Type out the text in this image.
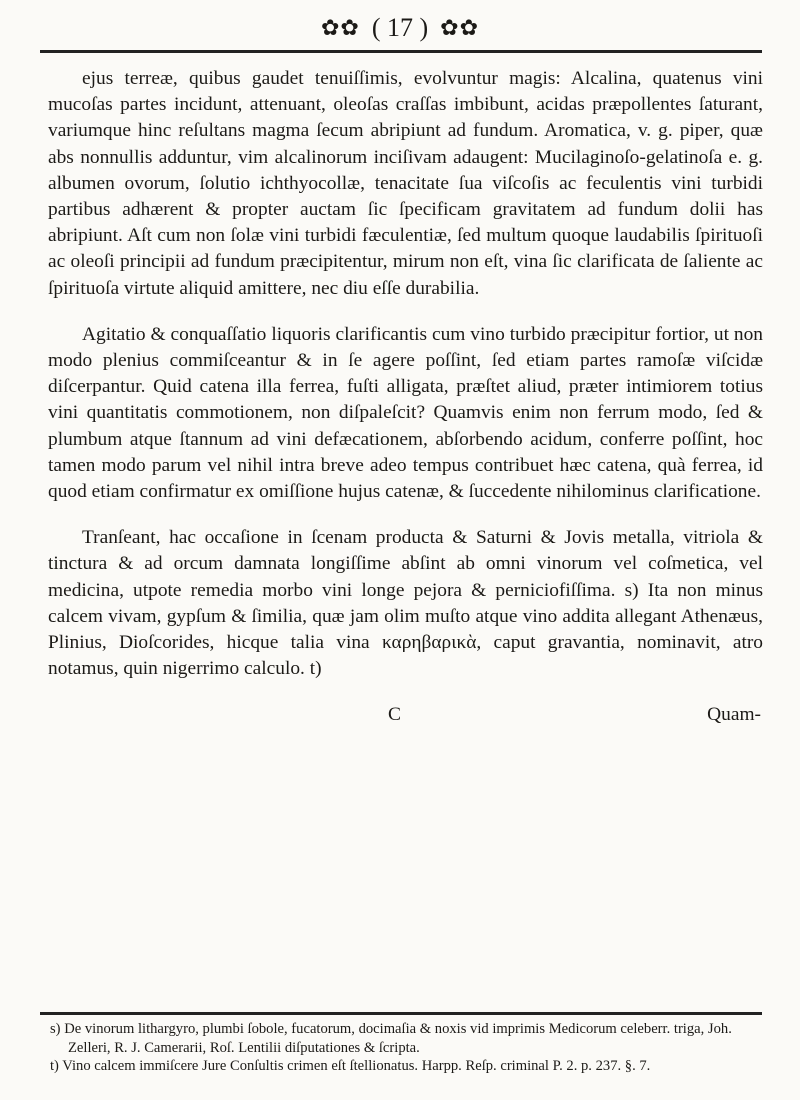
✿✿ ( 17 ) ✿✿

ejus terreæ, quibus gaudet tenuiſſimis, evolvuntur magis: Alcalina, quatenus vini mucoſas partes incidunt, attenuant, oleoſas craſſas imbibunt, acidas præpollentes ſaturant, variumque hinc reſultans magma ſecum abripiunt ad fundum. Aromatica, v. g. piper, quæ abs nonnullis adduntur, vim alcalinorum inciſivam adaugent: Mucilaginoſo-gelatinoſa e. g. albumen ovorum, ſolutio ichthyocollæ, tenacitate ſua viſcoſis ac feculentis vini turbidi partibus adhærent & propter auctam ſic ſpecificam gravitatem ad fundum dolii has abripiunt. Aſt cum non ſolæ vini turbidi fæculentiæ, ſed multum quoque laudabilis ſpirituoſi ac oleoſi principii ad fundum præcipitentur, mirum non eſt, vina ſic clarificata de ſaliente ac ſpirituoſa virtute aliquid amittere, nec diu eſſe durabilia.

Agitatio & conquaſſatio liquoris clarificantis cum vino turbido præcipitur fortior, ut non modo plenius commiſceantur & in ſe agere poſſint, ſed etiam partes ramoſæ viſcidæ diſcerpantur. Quid catena illa ferrea, fuſti alligata, præſtet aliud, præter intimiorem totius vini quantitatis commotionem, non diſpaleſcit? Quamvis enim non ferrum modo, ſed & plumbum atque ſtannum ad vini defæcationem, abſorbendo acidum, conferre poſſint, hoc tamen modo parum vel nihil intra breve adeo tempus contribuet hæc catena, quà ferrea, id quod etiam confirmatur ex omiſſione hujus catenæ, & ſuccedente nihilominus clarificatione.

Tranſeant, hac occaſione in ſcenam producta & Saturni & Jovis metalla, vitriola & tinctura & ad orcum damnata longiſſime abſint ab omni vinorum vel coſmetica, vel medicina, utpote remedia morbo vini longe pejora & perniciofiſſima. s) Ita non minus calcem vivam, gypſum & ſimilia, quæ jam olim muſto atque vino addita allegant Athenæus, Plinius, Dioſcorides, hicque talia vina καρηβαρικὰ, caput gravantia, nominavit, atro notamus, quin nigerrimo calculo. t)

C	Quam-

s) De vinorum lithargyro, plumbi ſobole, fucatorum, docimaſia & noxis vid imprimis Medicorum celeberr. triga, Joh. Zelleri, R. J. Camerarii, Roſ. Lentilii diſputationes & ſcripta.

t) Vino calcem immiſcere Jure Conſultis crimen eſt ſtellionatus. Harpp. Reſp. criminal P. 2. p. 237. §. 7.
